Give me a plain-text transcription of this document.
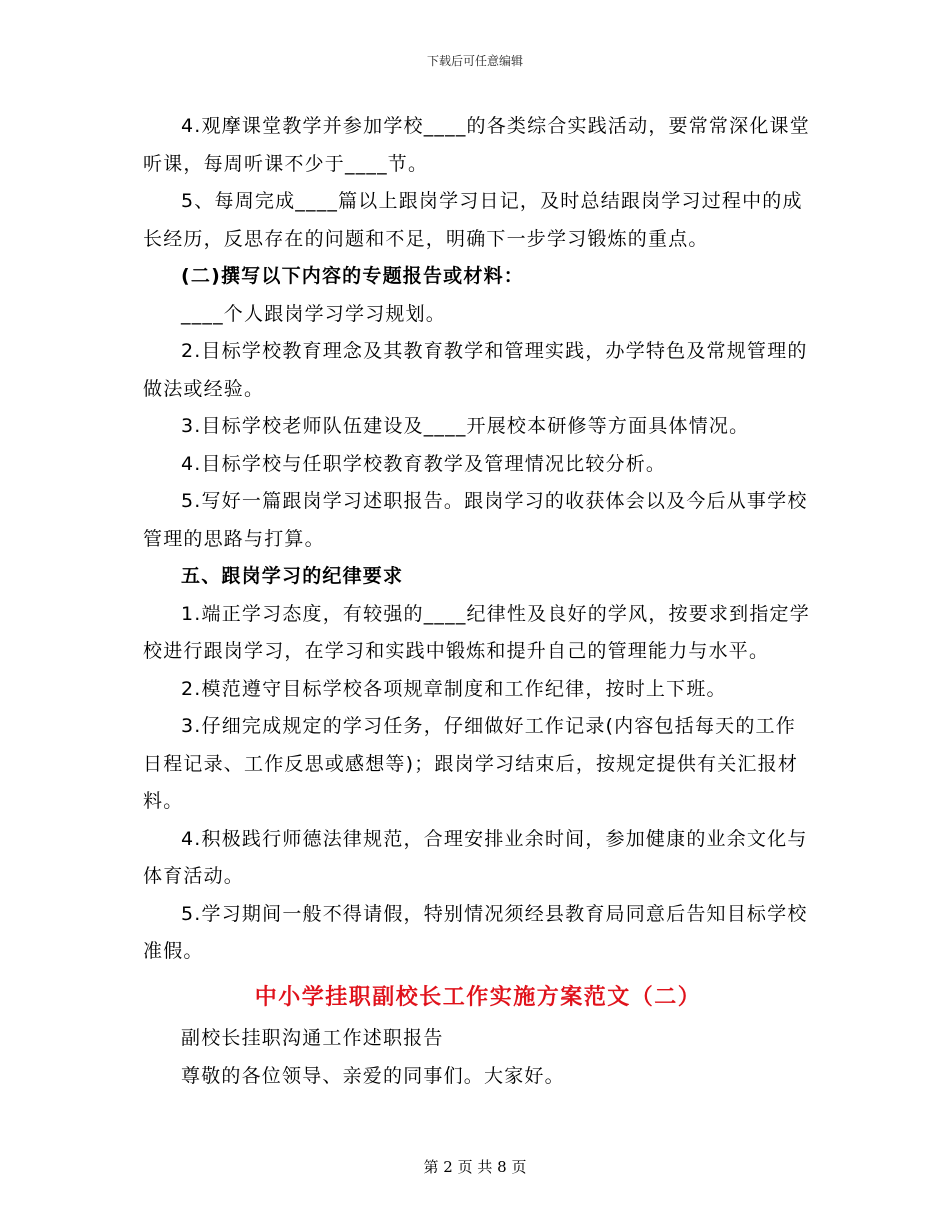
下载后可任意编辑

4.观摩课堂教学并参加学校____的各类综合实践活动，要常常深化课堂听课，每周听课不少于____节。

5、每周完成____篇以上跟岗学习日记，及时总结跟岗学习过程中的成长经历，反思存在的问题和不足，明确下一步学习锻炼的重点。

(二)撰写以下内容的专题报告或材料：

____个人跟岗学习学习规划。

2.目标学校教育理念及其教育教学和管理实践，办学特色及常规管理的做法或经验。

3.目标学校老师队伍建设及____开展校本研修等方面具体情况。

4.目标学校与任职学校教育教学及管理情况比较分析。

5.写好一篇跟岗学习述职报告。跟岗学习的收获体会以及今后从事学校管理的思路与打算。

五、跟岗学习的纪律要求

1.端正学习态度，有较强的____纪律性及良好的学风，按要求到指定学校进行跟岗学习，在学习和实践中锻炼和提升自己的管理能力与水平。

2.模范遵守目标学校各项规章制度和工作纪律，按时上下班。

3.仔细完成规定的学习任务，仔细做好工作记录(内容包括每天的工作日程记录、工作反思或感想等)；跟岗学习结束后，按规定提供有关汇报材料。

4.积极践行师德法律规范，合理安排业余时间，参加健康的业余文化与体育活动。

5.学习期间一般不得请假，特别情况须经县教育局同意后告知目标学校准假。

中小学挂职副校长工作实施方案范文（二）

副校长挂职沟通工作述职报告

尊敬的各位领导、亲爱的同事们。大家好。

第 2 页 共 8 页
